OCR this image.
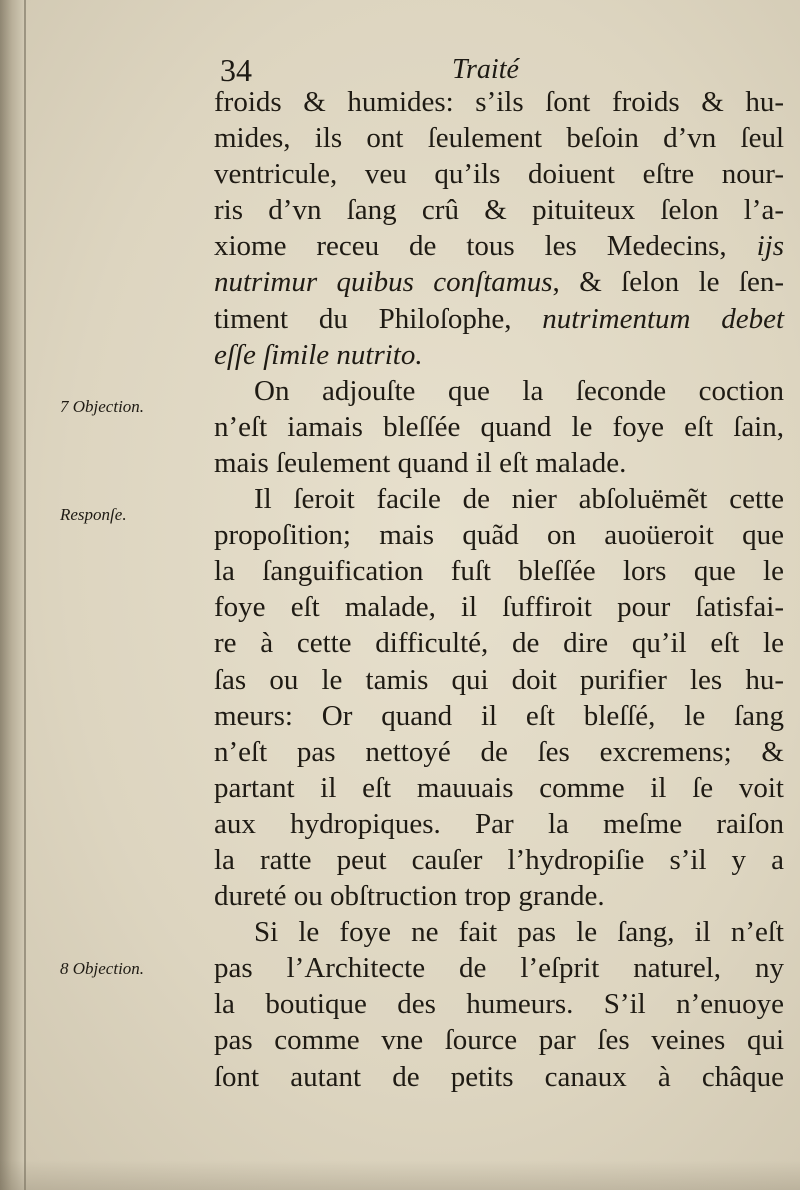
34	Traité
7 Objection.
Responſe.
8 Objection.
froids & humides: s’ils ſont froids & hu-
mides, ils ont ſeulement beſoin d’vn ſeul
ventricule, veu qu’ils doiuent eſtre nour-
ris d’vn ſang crû & pituiteux ſelon l’a-
xiome receu de tous les Medecins, ijs
nutrimur quibus conſtamus, & ſelon le ſen-
timent du Philoſophe, nutrimentum debet
eſſe ſimile nutrito.
On adjouſte que la ſeconde coction
n’eſt iamais bleſſée quand le foye eſt ſain,
mais ſeulement quand il eſt malade.
Il ſeroit facile de nier abſoluëmẽt cette
propoſition; mais quãd on auoüeroit que
la ſanguification fuſt bleſſée lors que le
foye eſt malade, il ſuffiroit pour ſatisfai-
re à cette difficulté, de dire qu’il eſt le
ſas ou le tamis qui doit purifier les hu-
meurs: Or quand il eſt bleſſé, le ſang
n’eſt pas nettoyé de ſes excremens; &
partant il eſt mauuais comme il ſe voit
aux hydropiques. Par la meſme raiſon
la ratte peut cauſer l’hydropiſie s’il y a
dureté ou obſtruction trop grande.
Si le foye ne fait pas le ſang, il n’eſt
pas l’Architecte de l’eſprit naturel, ny
la boutique des humeurs. S’il n’enuoye
pas comme vne ſource par ſes veines qui
ſont autant de petits canaux à châque
